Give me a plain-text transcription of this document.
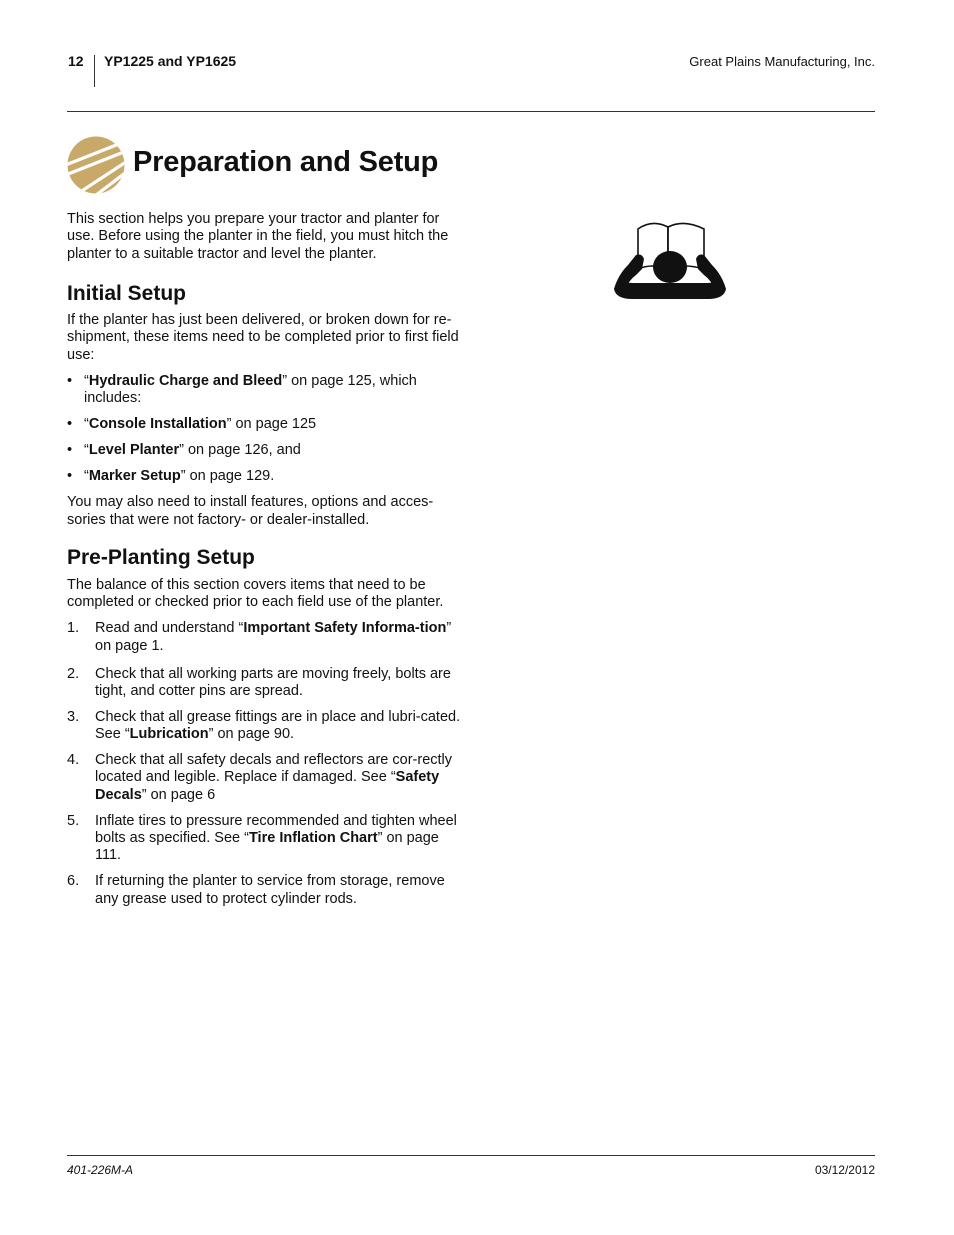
12 YP1225 and YP1625	Great Plains Manufacturing, Inc.
Preparation and Setup

This section helps you prepare your tractor and planter for use. Before using the planter in the field, you must hitch the planter to a suitable tractor and level the planter.

Initial Setup

If the planter has just been delivered, or broken down for re-shipment, these items need to be completed prior to first field use:

• “Hydraulic Charge and Bleed” on page 125, which includes:
• “Console Installation” on page 125
• “Level Planter” on page 126, and
• “Marker Setup” on page 129.

You may also need to install features, options and acces-sories that were not factory- or dealer-installed.

Pre-Planting Setup

The balance of this section covers items that need to be completed or checked prior to each field use of the planter.

1. Read and understand “Important Safety Informa-tion” on page 1.
2. Check that all working parts are moving freely, bolts are tight, and cotter pins are spread.
3. Check that all grease fittings are in place and lubri-cated. See “Lubrication” on page 90.
4. Check that all safety decals and reflectors are cor-rectly located and legible. Replace if damaged. See “Safety Decals” on page 6
5. Inflate tires to pressure recommended and tighten wheel bolts as specified. See “Tire Inflation Chart” on page 111.
6. If returning the planter to service from storage, remove any grease used to protect cylinder rods.
401-226M-A	03/12/2012
